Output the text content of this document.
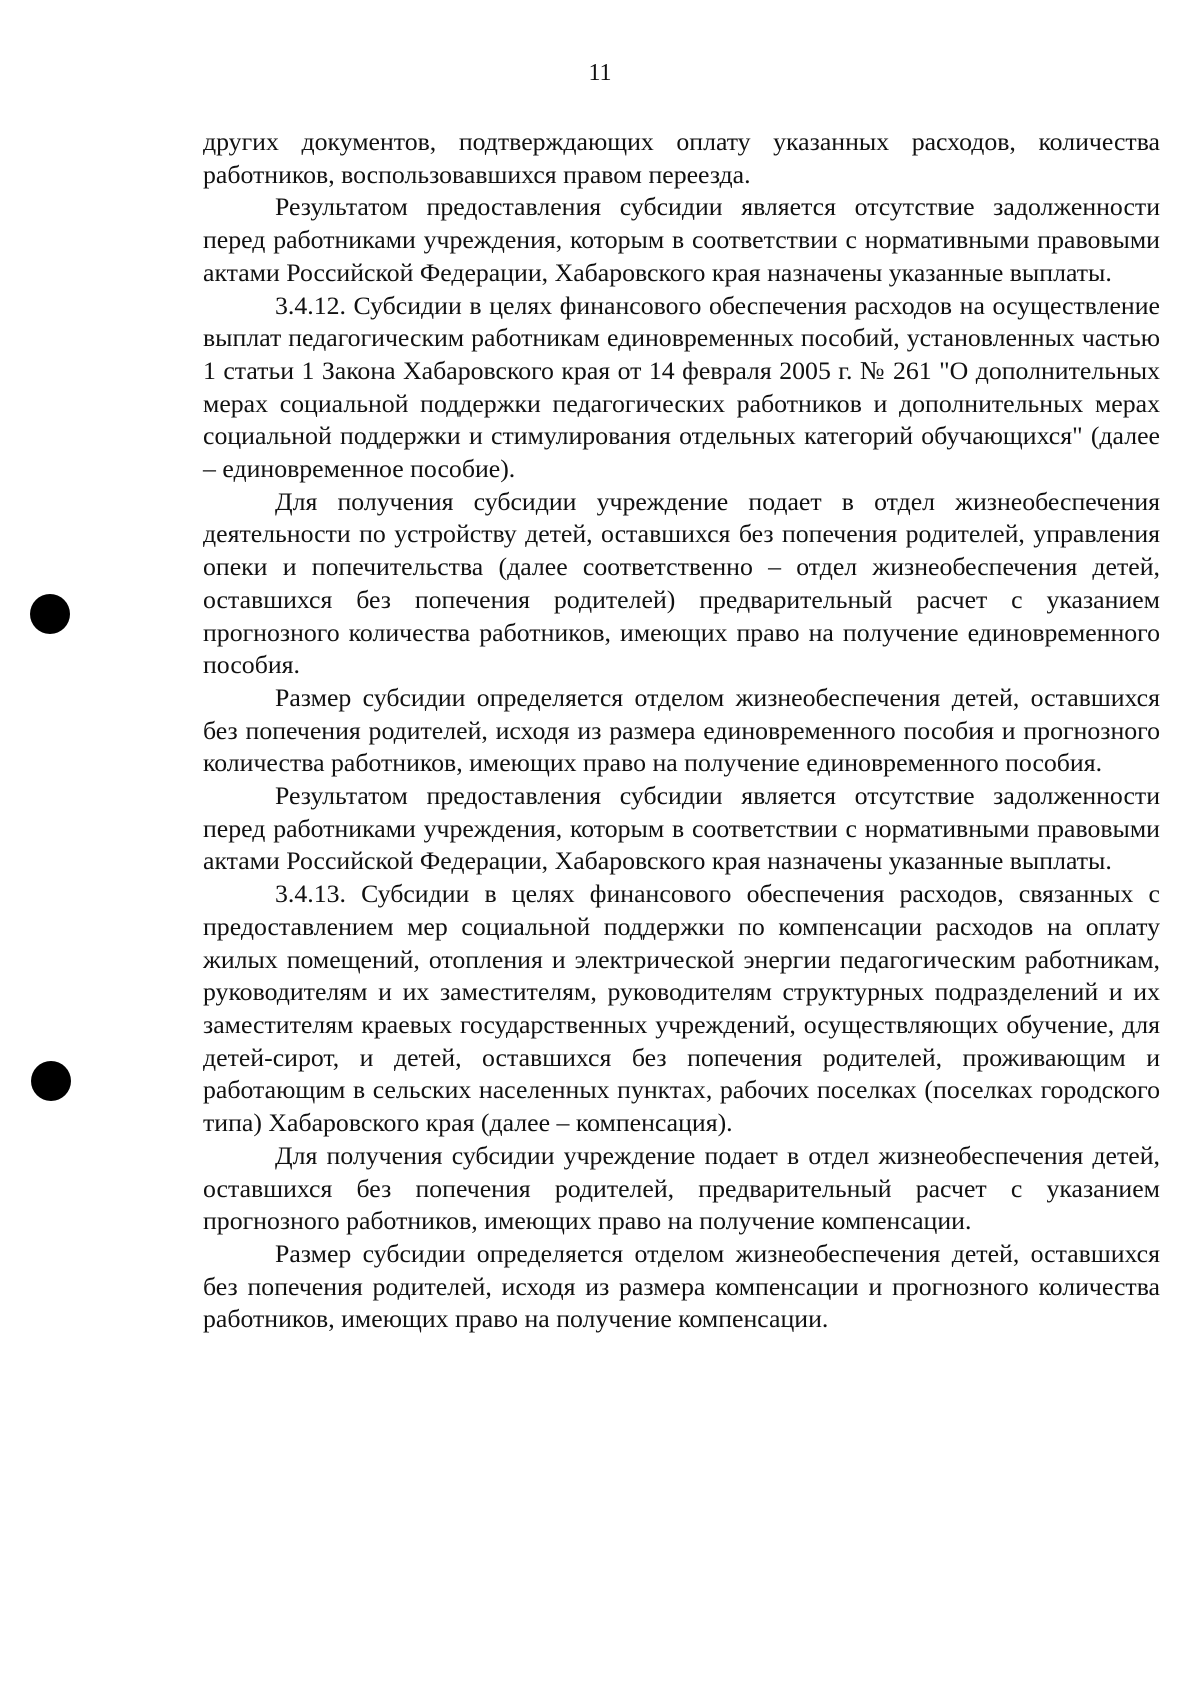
11

других документов, подтверждающих оплату указанных расходов, количества работников, воспользовавшихся правом переезда.

Результатом предоставления субсидии является отсутствие задолженности перед работниками учреждения, которым в соответствии с нормативными правовыми актами Российской Федерации, Хабаровского края назначены указанные выплаты.

3.4.12. Субсидии в целях финансового обеспечения расходов на осуществление выплат педагогическим работникам единовременных пособий, установленных частью 1 статьи 1 Закона Хабаровского края от 14 февраля 2005 г. № 261 "О дополнительных мерах социальной поддержки педагогических работников и дополнительных мерах социальной поддержки и стимулирования отдельных категорий обучающихся" (далее – единовременное пособие).

Для получения субсидии учреждение подает в отдел жизнеобеспечения деятельности по устройству детей, оставшихся без попечения родителей, управления опеки и попечительства (далее соответственно – отдел жизнеобеспечения детей, оставшихся без попечения родителей) предварительный расчет с указанием прогнозного количества работников, имеющих право на получение единовременного пособия.

Размер субсидии определяется отделом жизнеобеспечения детей, оставшихся без попечения родителей, исходя из размера единовременного пособия и прогнозного количества работников, имеющих право на получение единовременного пособия.

Результатом предоставления субсидии является отсутствие задолженности перед работниками учреждения, которым в соответствии с нормативными правовыми актами Российской Федерации, Хабаровского края назначены указанные выплаты.

3.4.13. Субсидии в целях финансового обеспечения расходов, связанных с предоставлением мер социальной поддержки по компенсации расходов на оплату жилых помещений, отопления и электрической энергии педагогическим работникам, руководителям и их заместителям, руководителям структурных подразделений и их заместителям краевых государственных учреждений, осуществляющих обучение, для детей-сирот, и детей, оставшихся без попечения родителей, проживающим и работающим в сельских населенных пунктах, рабочих поселках (поселках городского типа) Хабаровского края (далее – компенсация).

Для получения субсидии учреждение подает в отдел жизнеобеспечения детей, оставшихся без попечения родителей, предварительный расчет с указанием прогнозного работников, имеющих право на получение компенсации.

Размер субсидии определяется отделом жизнеобеспечения детей, оставшихся без попечения родителей, исходя из размера компенсации и прогнозного количества работников, имеющих право на получение компенсации.
